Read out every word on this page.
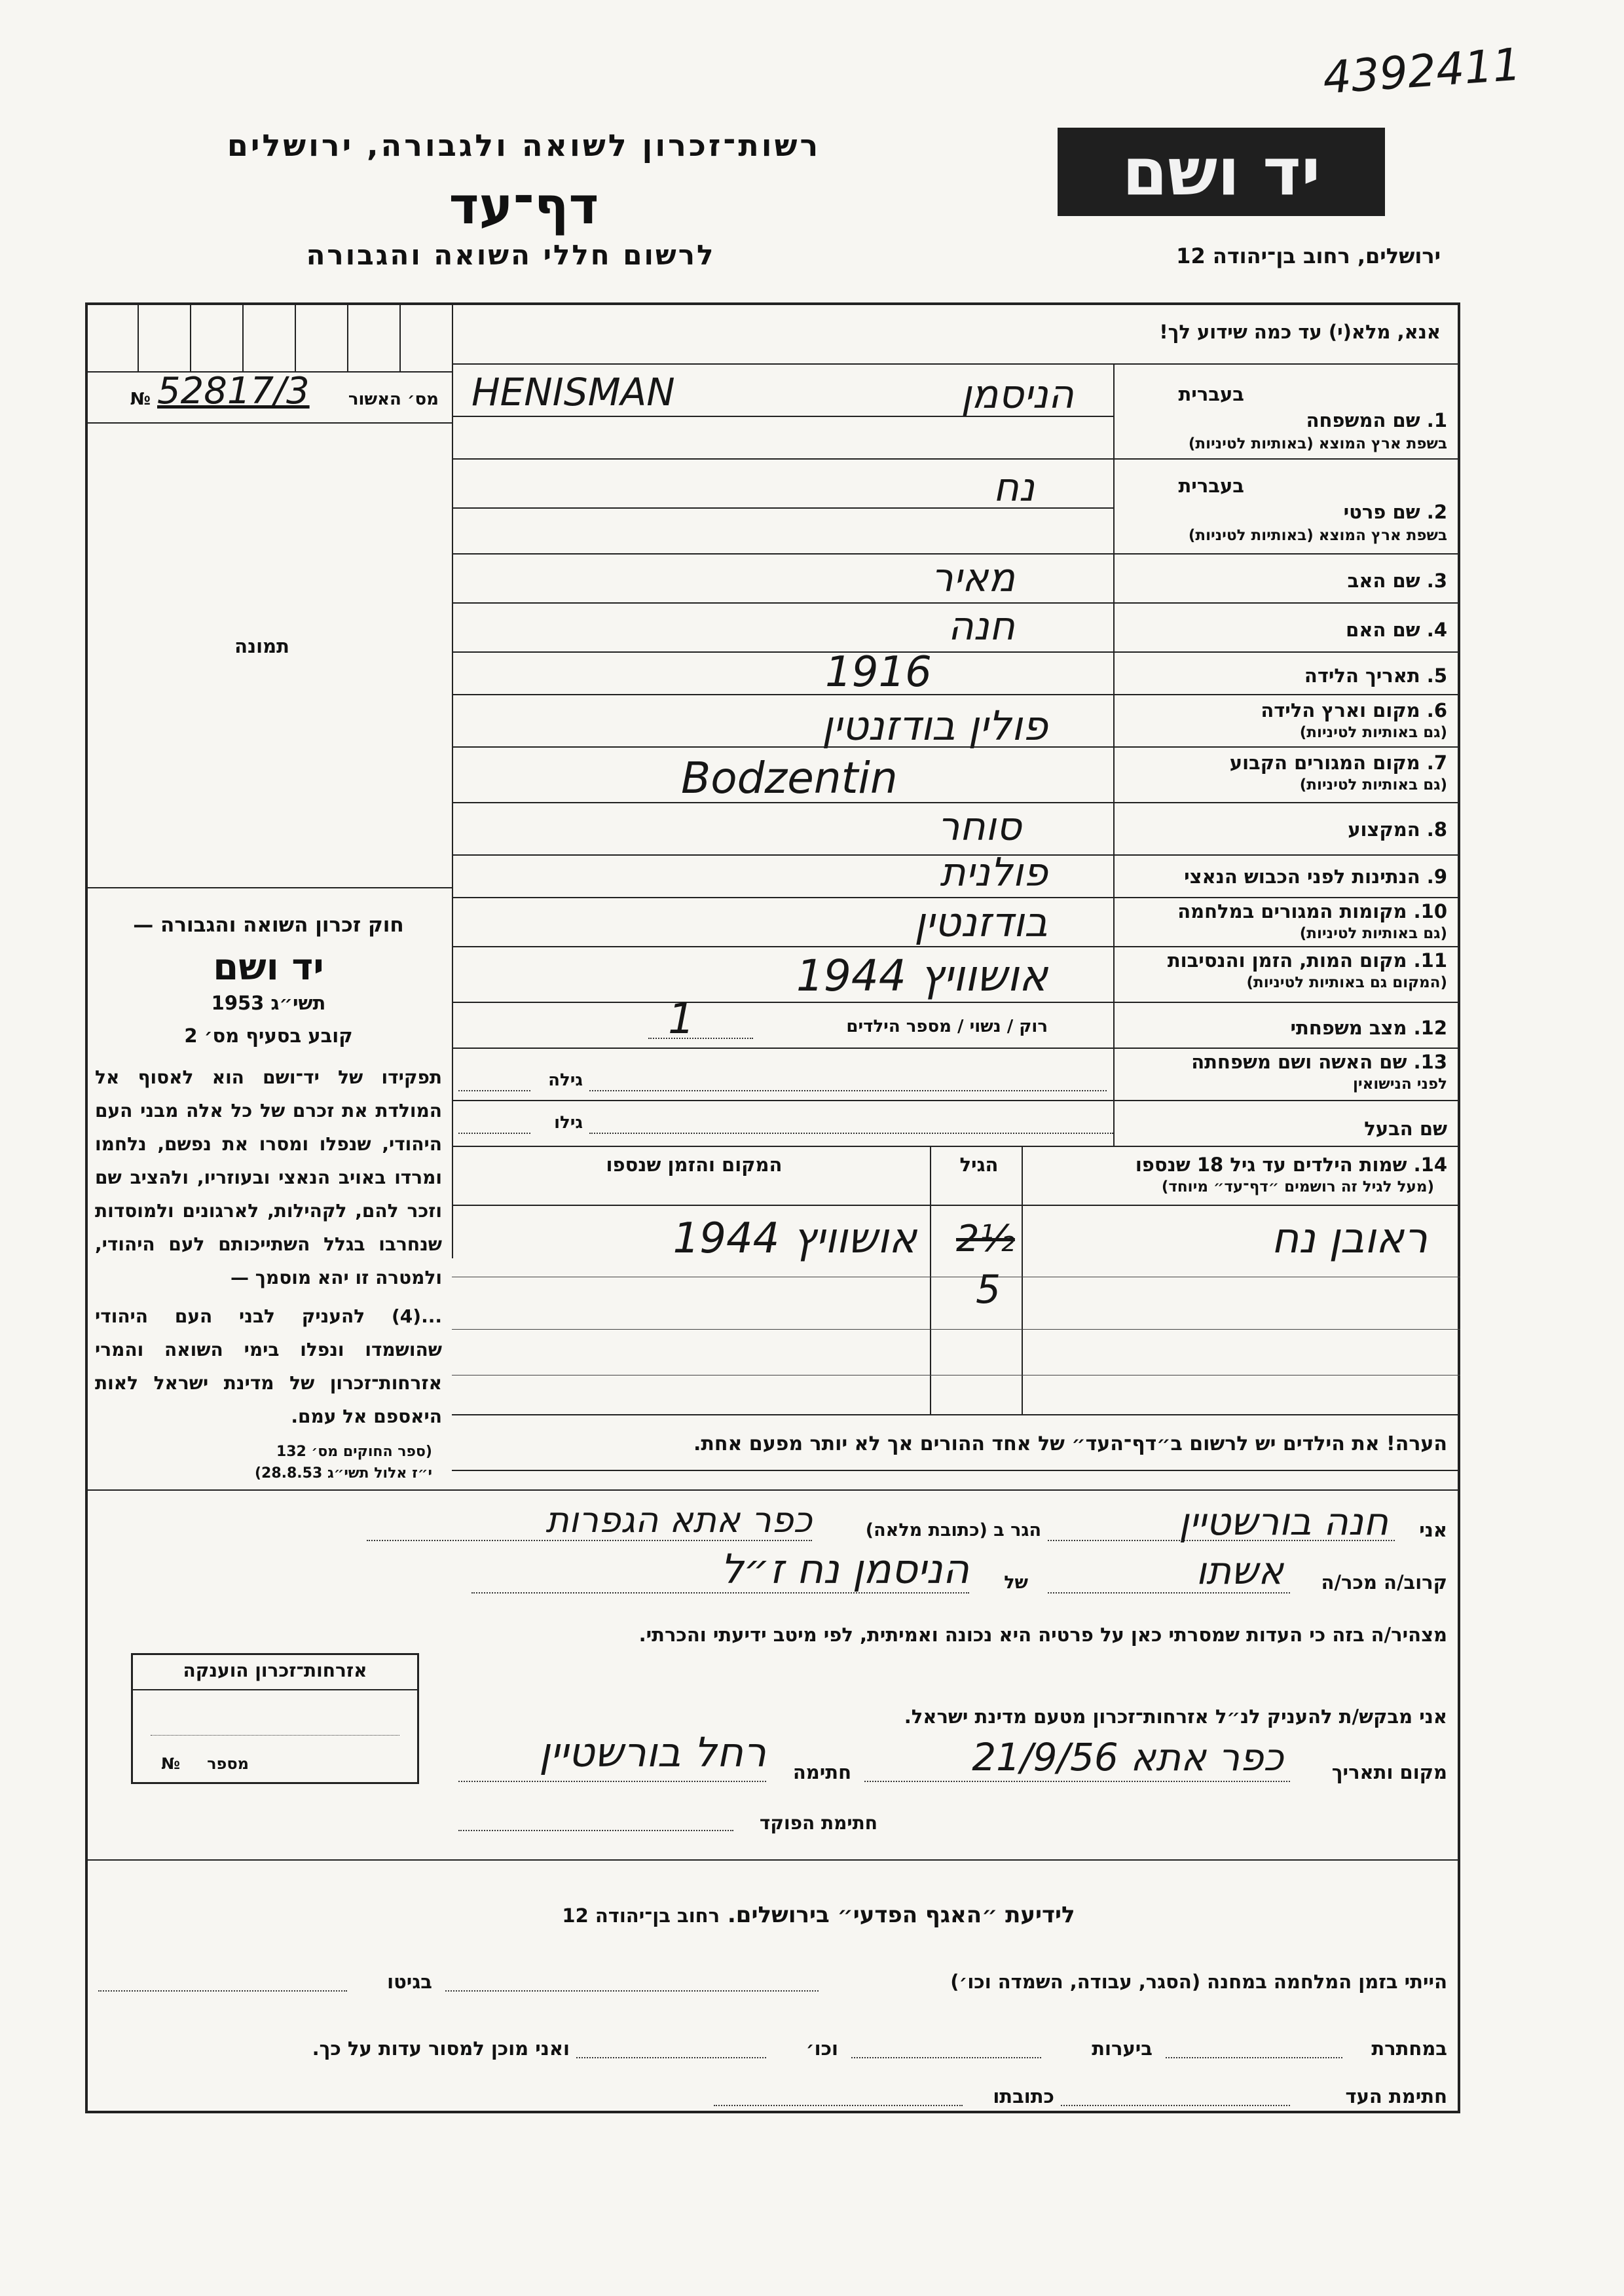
4392411
רשות־זכרון לשואה ולגבורה, ירושלים
דף־עד
לרשום חללי השואה והגבורה
יד ושם
ירושלים, רחוב בן־יהודה 12
אנא, מלא(י) עד כמה שידוע לך!
מס׳ האשור
№ 52817/3
תמונה
בעברית
1. שם המשפחה
בשפת ארץ המוצא (באותיות לטיניות)
HENISMAN	הניסמן
בעברית
2. שם פרטי
בשפת ארץ המוצא (באותיות לטיניות)
נח
3. שם האב
מאיר
4. שם האם
חנה
5. תאריך הלידה
1916
6. מקום וארץ הלידה
(גם באותיות לטיניות)
פולין בודזנטין
7. מקום המגורים הקבוע
(גם באותיות לטיניות)
Bodzentin
8. המקצוע
סוחר
9. הנתינות לפני הכבוש הנאצי
פולנית
10. מקומות המגורים במלחמה
(גם באותיות לטיניות)
בודזנטין
11. מקום המות, הזמן והנסיבות
(המקום גם באותיות לטיניות)
אושוויץ 1944
12. מצב משפחתי
רוק / נשוי / מספר הילדים
1
13. שם האשה ושם משפחתה
לפני הנישואין
גילה
שם הבעל
גילו
14. שמות הילדים עד גיל 18 שנספו
(מעל לגיל זה רושמים ״דף־עד״ מיוחד)
הגיל
המקום והזמן שנספו
ראובן נח
2½
5
אושוויץ 1944
הערה! את הילדים יש לרשום ב״דף־העד״ של אחד ההורים אך לא יותר מפעם אחת.
חוק זכרון השואה והגבורה —
יד ושם
תשי״ג 1953
קובע בסעיף מס׳ 2
תפקידו של יד־ושם הוא לאסוף אל המולדת את זכרם של כל אלה מבני העם היהודי, שנפלו ומסרו את נפשם, נלחמו ומרדו באויב הנאצי ובעוזריו, ולהציב שם וזכר להם, לקהילות, לארגונים ולמוסדות שנחרבו בגלל השתייכותם לעם היהודי, ולמטרה זו יהא מוסמך —
...(4) להעניק לבני העם היהודי שהושמדו ונפלו בימי השואה והמרי אזרחות־זכרון של מדינת ישראל לאות היאספם אל עמם.
(ספר החוקים מס׳ 132
י״ז אלול תשי״ג 28.8.53)
אני
חנה בורשטיין
הגר ב (כתובת מלאה)
כפר אתא הגפרות
קרוב/ה מכר/ה
אשתו
של
הניסמן נח ז״ל
מצהיר/ה בזה כי העדות שמסרתי כאן על פרטיה היא נכונה ואמיתית, לפי מיטב ידיעתי והכרתי.
אזרחות־זכרון הוענקה
מספר
№
אני מבקש/ת להעניק לנ״ל אזרחות־זכרון מטעם מדינת ישראל.
מקום ותאריך
כפר אתא 21/9/56
חתימה
רחל בורשטיין
חתימת הפוקד
לידיעת ״האגף הפדעי״ בירושלים. רחוב בן־יהודה 12
הייתי בזמן המלחמה במחנה (הסגר, עבודה, השמדה וכו׳)
בגיטו
במחתרת
ביערות
וכו׳
ואני מוכן למסור עדות על כך.
חתימת העד
כתובתו
